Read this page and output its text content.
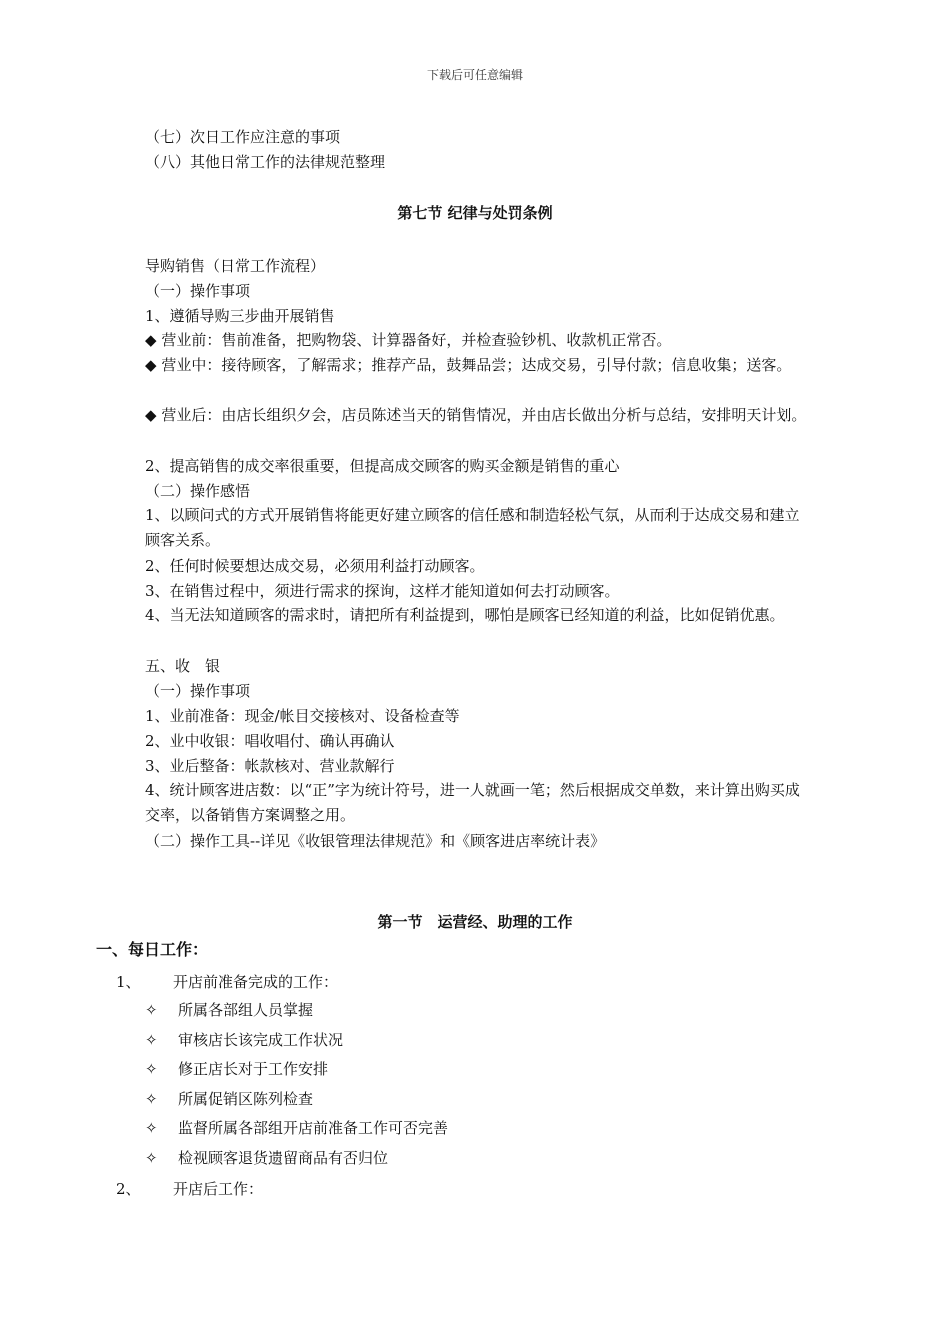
下载后可任意编辑
（七）次日工作应注意的事项
（八）其他日常工作的法律规范整理
第七节 纪律与处罚条例
导购销售（日常工作流程）
（一）操作事项
1、遵循导购三步曲开展销售
◆ 营业前：售前准备，把购物袋、计算器备好，并检查验钞机、收款机正常否。
◆ 营业中：接待顾客，了解需求；推荐产品，鼓舞品尝；达成交易，引导付款；信息收集；送客。
◆ 营业后：由店长组织夕会，店员陈述当天的销售情况，并由店长做出分析与总结，安排明天计划。
2、提高销售的成交率很重要，但提高成交顾客的购买金额是销售的重心
（二）操作感悟
1、以顾问式的方式开展销售将能更好建立顾客的信任感和制造轻松气氛，从而利于达成交易和建立顾客关系。
2、任何时候要想达成交易，必须用利益打动顾客。
3、在销售过程中，须进行需求的探询，这样才能知道如何去打动顾客。
4、当无法知道顾客的需求时，请把所有利益提到，哪怕是顾客已经知道的利益，比如促销优惠。
五、收　银
（一）操作事项
1、业前准备：现金/帐目交接核对、设备检查等
2、业中收银：唱收唱付、确认再确认
3、业后整备：帐款核对、营业款解行
4、统计顾客进店数：以“正”字为统计符号，进一人就画一笔；然后根据成交单数，来计算出购买成交率，以备销售方案调整之用。
（二）操作工具--详见《收银管理法律规范》和《顾客进店率统计表》
第一节　运营经、助理的工作
一、每日工作：
1、 开店前准备完成的工作：
✧ 所属各部组人员掌握
✧ 审核店长该完成工作状况
✧ 修正店长对于工作安排
✧ 所属促销区陈列检查
✧ 监督所属各部组开店前准备工作可否完善
✧ 检视顾客退货遗留商品有否归位
2、 开店后工作：
